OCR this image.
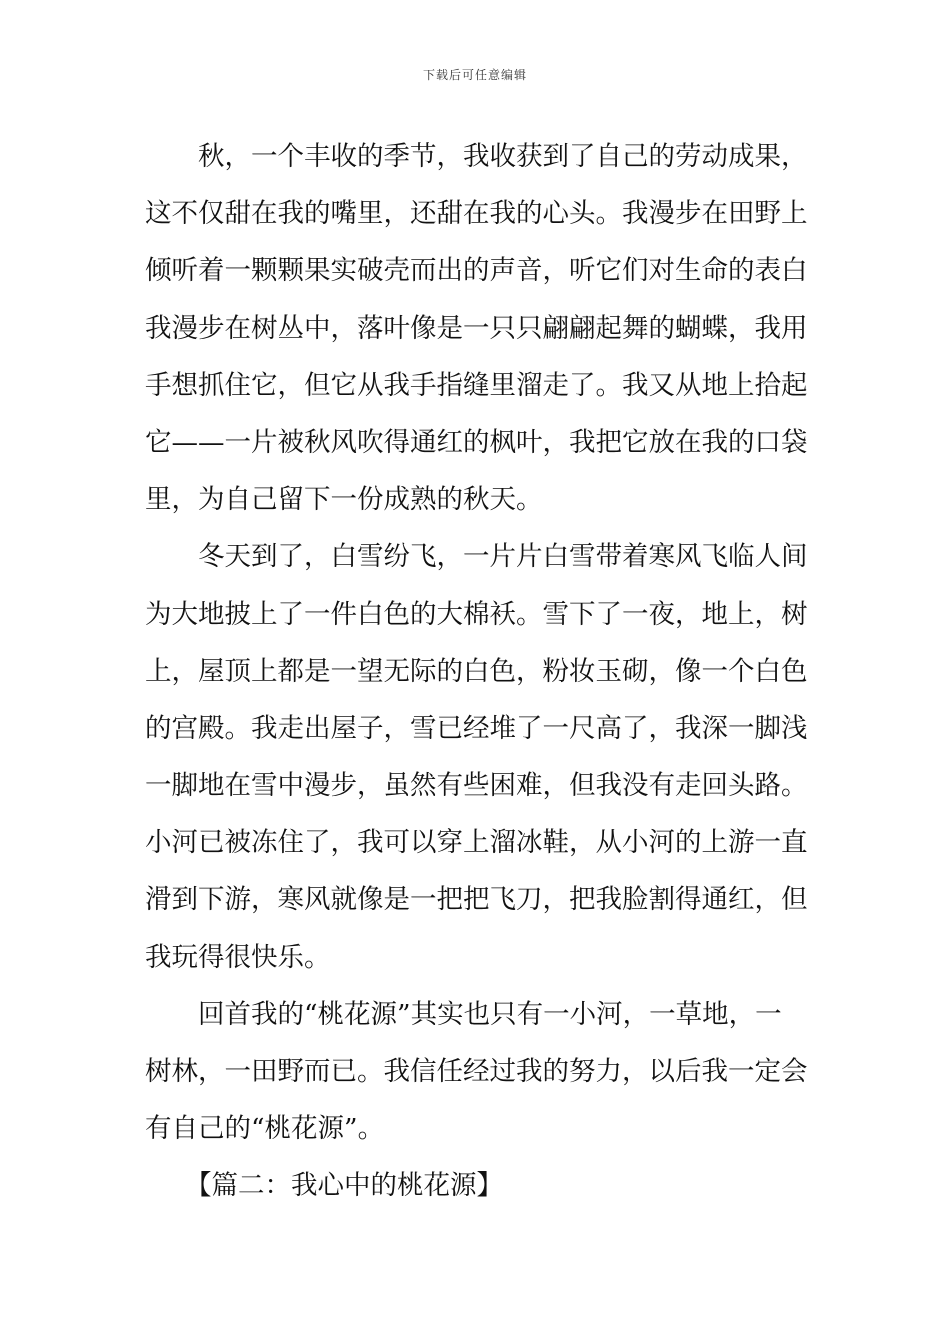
下载后可任意编辑

　　秋，一个丰收的季节，我收获到了自己的劳动成果，
这不仅甜在我的嘴里，还甜在我的心头。我漫步在田野上
倾听着一颗颗果实破壳而出的声音，听它们对生命的表白
我漫步在树丛中，落叶像是一只只翩翩起舞的蝴蝶，我用
手想抓住它，但它从我手指缝里溜走了。我又从地上拾起
它——一片被秋风吹得通红的枫叶，我把它放在我的口袋
里，为自己留下一份成熟的秋天。

　　冬天到了，白雪纷飞，一片片白雪带着寒风飞临人间
为大地披上了一件白色的大棉袄。雪下了一夜，地上，树
上，屋顶上都是一望无际的白色，粉妆玉砌，像一个白色
的宫殿。我走出屋子，雪已经堆了一尺高了，我深一脚浅
一脚地在雪中漫步，虽然有些困难，但我没有走回头路。
小河已被冻住了，我可以穿上溜冰鞋，从小河的上游一直
滑到下游，寒风就像是一把把飞刀，把我脸割得通红，但
我玩得很快乐。

　　回首我的“桃花源”其实也只有一小河，一草地，一
树林，一田野而已。我信任经过我的努力，以后我一定会
有自己的“桃花源”。

【篇二：我心中的桃花源】
